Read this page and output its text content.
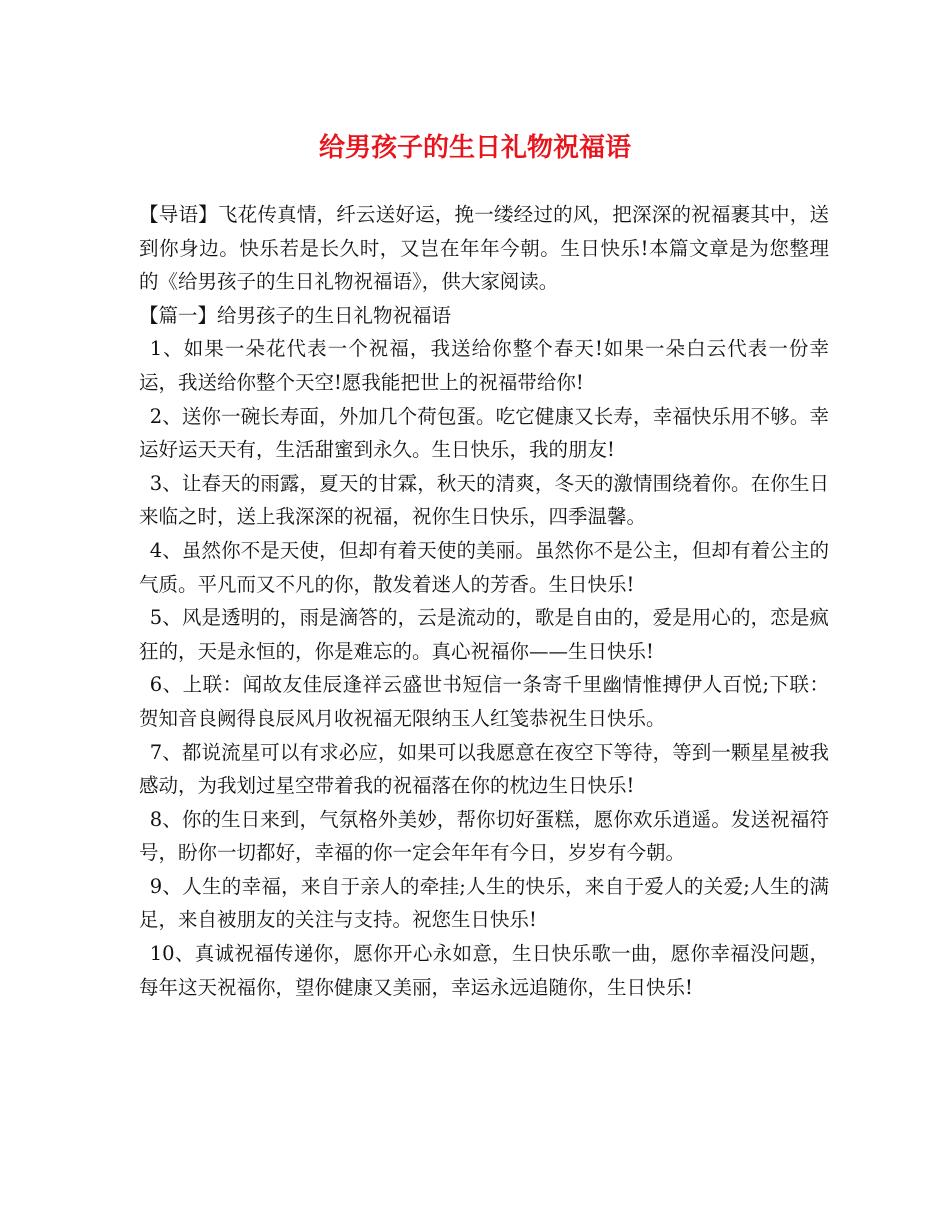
给男孩子的生日礼物祝福语

【导语】飞花传真情，纤云送好运，挽一缕经过的风，把深深的祝福裹其中，送到你身边。快乐若是长久时，又岂在年年今朝。生日快乐!本篇文章是为您整理的《给男孩子的生日礼物祝福语》，供大家阅读。

【篇一】给男孩子的生日礼物祝福语

1、如果一朵花代表一个祝福，我送给你整个春天!如果一朵白云代表一份幸运，我送给你整个天空!愿我能把世上的祝福带给你!

2、送你一碗长寿面，外加几个荷包蛋。吃它健康又长寿，幸福快乐用不够。幸运好运天天有，生活甜蜜到永久。生日快乐，我的朋友!

3、让春天的雨露，夏天的甘霖，秋天的清爽，冬天的激情围绕着你。在你生日来临之时，送上我深深的祝福，祝你生日快乐，四季温馨。

4、虽然你不是天使，但却有着天使的美丽。虽然你不是公主，但却有着公主的气质。平凡而又不凡的你，散发着迷人的芳香。生日快乐!

5、风是透明的，雨是滴答的，云是流动的，歌是自由的，爱是用心的，恋是疯狂的，天是永恒的，你是难忘的。真心祝福你——生日快乐!

6、上联：闻故友佳辰逢祥云盛世书短信一条寄千里幽情惟搏伊人百悦;下联：贺知音良阙得良辰风月收祝福无限纳玉人红笺恭祝生日快乐。

7、都说流星可以有求必应，如果可以我愿意在夜空下等待，等到一颗星星被我感动，为我划过星空带着我的祝福落在你的枕边生日快乐!

8、你的生日来到，气氛格外美妙，帮你切好蛋糕，愿你欢乐逍遥。发送祝福符号，盼你一切都好，幸福的你一定会年年有今日，岁岁有今朝。

9、人生的幸福，来自于亲人的牵挂;人生的快乐，来自于爱人的关爱;人生的满足，来自被朋友的关注与支持。祝您生日快乐!

10、真诚祝福传递你，愿你开心永如意，生日快乐歌一曲，愿你幸福没问题，每年这天祝福你，望你健康又美丽，幸运永远追随你，生日快乐!
